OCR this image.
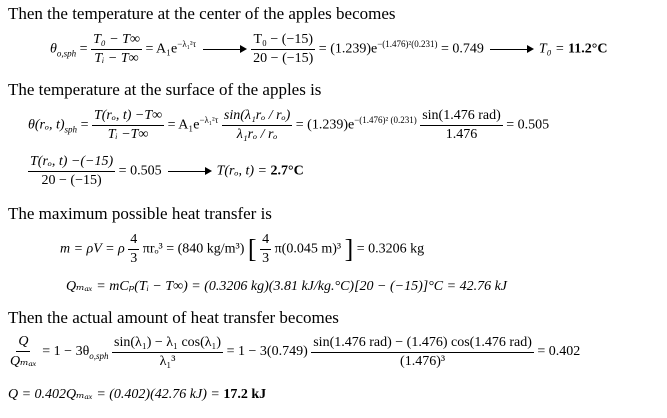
Then the temperature at the center of the apples becomes
$\theta_{o,sph} = \frac{\text{T₀ − T∞}}{\text{Tᵢ − T∞}} = A_1e^{-\lambda_1^2\tau}$	$\frac{\text{T₀ − (−15)}}{20 - (-15)} = (1.239)e^{-(1.476)^2(0.231)} = 0.749$	T₀ = 11.2°C
The temperature at the surface of the apples is
θ(rₒ, $t)_{sph} = \frac{\text{T(rₒ, t) −T∞}}{\text{Tᵢ −T∞}} = A_1e^{-\lambda_1^2\tau} \frac{\text{sin(λ₁rₒ / rₒ)}}{\text{λ₁rₒ / rₒ}} = (1.239)e^{-(1.476)^2 (0.231)} \frac{\text{sin(1.476 rad)}}{1.476} = 0.505$
$\frac{\text{T(rₒ, t) −(−15)}}{20 - (-15)} = 0.505$	T(rₒ, t) = 2.7°C
The maximum possible heat transfer is
m = ρV = ρ $\frac{4}{3} \pi r_o^3 = (840$ kg/m³) [ $\frac{4}{3} \pi(0.045$ m)³ ] = 0.3206 kg
Qₘₐₓ = mCₚ(Tᵢ − T∞) = (0.3206 kg)(3.81 kJ/kg.°C)[20 − (−15)]°C = 42.76 kJ
Then the actual amount of heat transfer becomes
$\frac{Q}{\text{Qₘₐₓ}} = 1 - 3\theta_{o,sph} \frac{\text{sin(λ₁) − λ₁ cos(λ₁)}}{\text{λ₁³}} = 1 - 3(0.749) \frac{\text{sin(1.476 rad) − (1.476) cos(1.476 rad)}}{\text{(1.476)³}} = 0.402$
Q = 0.402Qₘₐₓ = (0.402)(42.76 kJ) = 17.2 kJ
